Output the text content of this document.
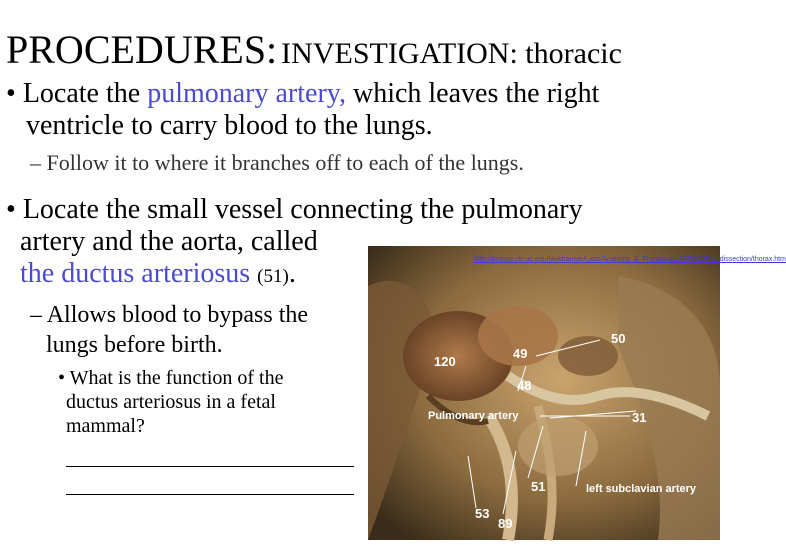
PROCEDURES: INVESTIGATION: thoracic
• Locate the pulmonary artery, which leaves the right
ventricle to carry blood to the lungs.
– Follow it to where it branches off to each of the lungs.
• Locate the small vessel connecting the pulmonary
artery and the aorta, called
the ductus arteriosus (51).
– Allows blood to bypass the
lungs before birth.
• What is the function of the
ductus arteriosus in a fetal
mammal?
http://biology.clc.uc.edu/fankhauser/Labs/Anatomy_&_Physiology/A&P202/Pig_dissection/thorax.htm
120
49
50
48
Pulmonary artery	31
51	left subclavian artery
53
89
